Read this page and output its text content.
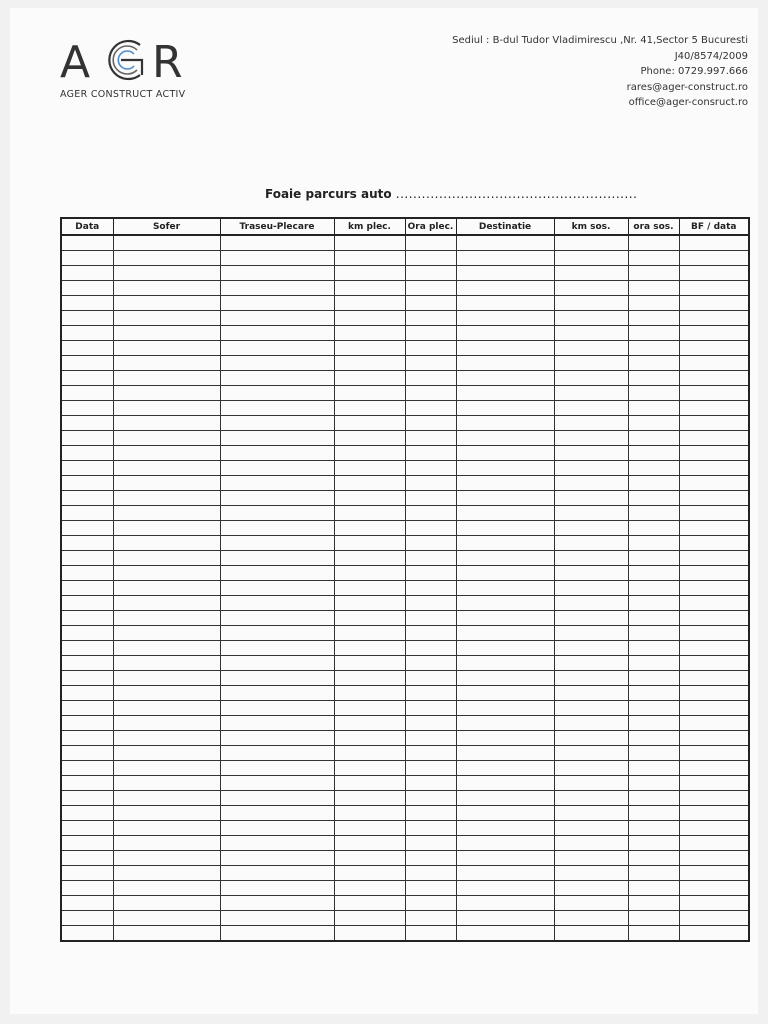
A R
AGER CONSTRUCT ACTIV
Sediul : B-dul Tudor Vladimirescu ,Nr. 41,Sector 5 Bucuresti
J40/8574/2009
Phone: 0729.997.666
rares@ager-construct.ro
office@ager-consruct.ro
Foaie parcurs auto ........................................................
Data	Sofer	Traseu-Plecare	km plec.	Ora plec.	Destinatie	km sos.	ora sos.	BF / data
